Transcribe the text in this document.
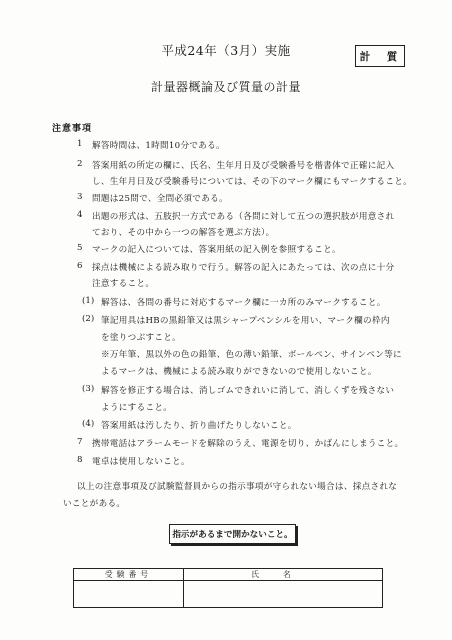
平成24年（3月）実施	計　質
計量器概論及び質量の計量
注意事項
1 解答時間は、1時間10分である。
2 答案用紙の所定の欄に、氏名、生年月日及び受験番号を楷書体で正確に記入
し、生年月日及び受験番号については、その下のマーク欄にもマークすること。
3 問題は25問で、全問必須である。
4 出題の形式は、五肢択一方式である（各問に対して五つの選択肢が用意され
ており、その中から一つの解答を選ぶ方法）。
5 マークの記入については、答案用紙の記入例を参照すること。
6 採点は機械による読み取りで行う。解答の記入にあたっては、次の点に十分
注意すること。
(1) 解答は、各問の番号に対応するマーク欄に一カ所のみマークすること。
(2) 筆記用具はHBの黒鉛筆又は黒シャープペンシルを用い、マーク欄の枠内
を塗りつぶすこと。
※万年筆、黒以外の色の鉛筆、色の薄い鉛筆、ボールペン、サインペン等に
よるマークは、機械による読み取りができないので使用しないこと。
(3) 解答を修正する場合は、消しゴムできれいに消して、消しくずを残さない
ようにすること。
(4) 答案用紙は汚したり、折り曲げたりしないこと。
7 携帯電話はアラームモードを解除のうえ、電源を切り、かばんにしまうこと。
8 電卓は使用しないこと。
以上の注意事項及び試験監督員からの指示事項が守られない場合は、採点されな
いことがある。
指示があるまで開かないこと。
受験番号	氏名
